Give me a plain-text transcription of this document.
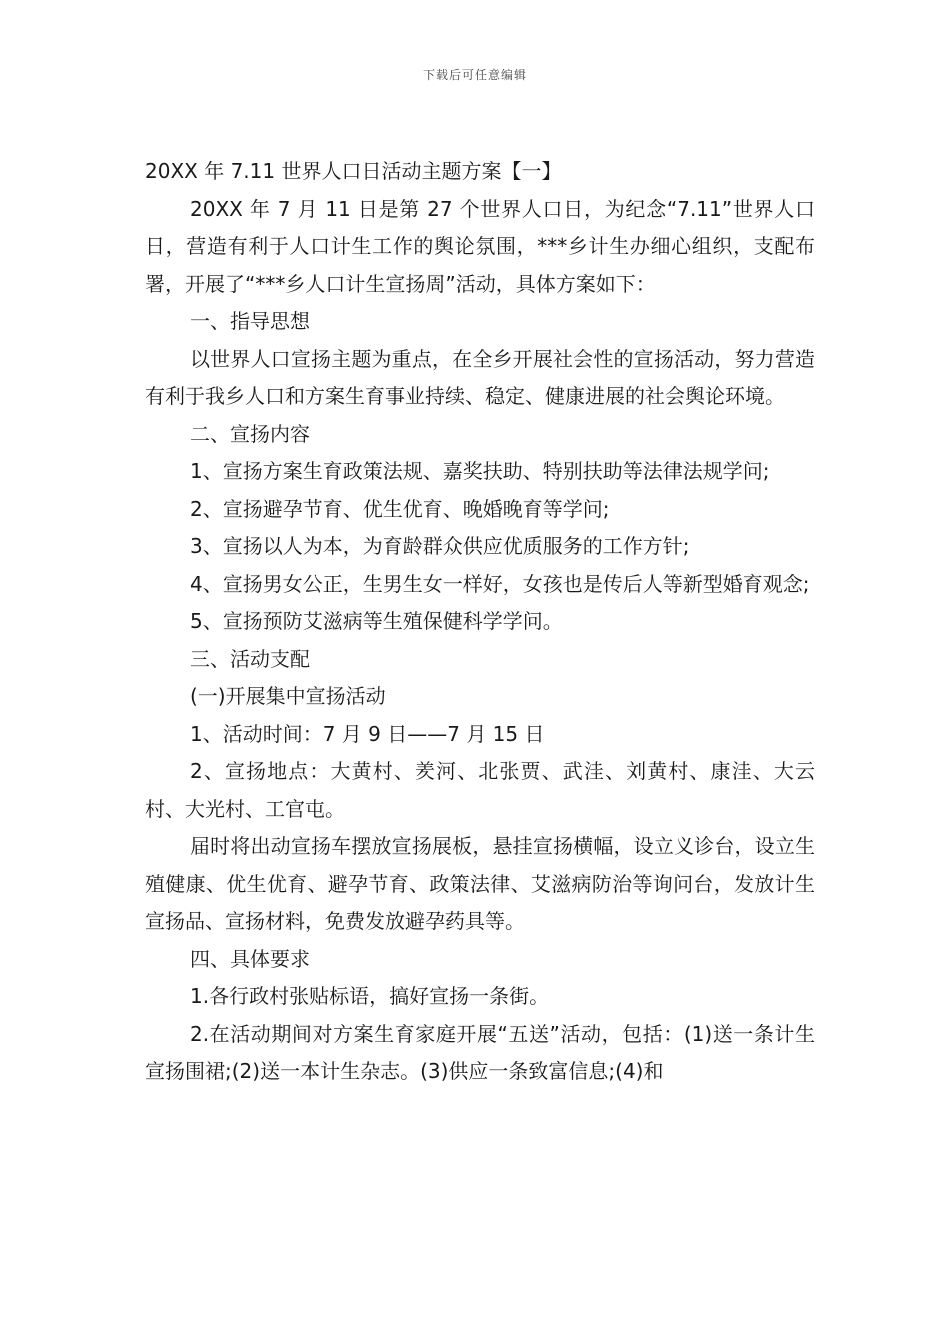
下载后可任意编辑

20XX 年 7.11 世界人口日活动主题方案【一】

20XX 年 7 月 11 日是第 27 个世界人口日，为纪念“7.11”世界人口日，营造有利于人口计生工作的舆论氛围，***乡计生办细心组织，支配布署，开展了“***乡人口计生宣扬周”活动，具体方案如下：

一、指导思想

以世界人口宣扬主题为重点，在全乡开展社会性的宣扬活动，努力营造有利于我乡人口和方案生育事业持续、稳定、健康进展的社会舆论环境。

二、宣扬内容

1、宣扬方案生育政策法规、嘉奖扶助、特别扶助等法律法规学问;

2、宣扬避孕节育、优生优育、晚婚晚育等学问;

3、宣扬以人为本，为育龄群众供应优质服务的工作方针;

4、宣扬男女公正，生男生女一样好，女孩也是传后人等新型婚育观念;

5、宣扬预防艾滋病等生殖保健科学学问。

三、活动支配

(一)开展集中宣扬活动

1、活动时间：7 月 9 日——7 月 15 日

2、宣扬地点：大黄村、羑河、北张贾、武洼、刘黄村、康洼、大云村、大光村、工官屯。

届时将出动宣扬车摆放宣扬展板，悬挂宣扬横幅，设立义诊台，设立生殖健康、优生优育、避孕节育、政策法律、艾滋病防治等询问台，发放计生宣扬品、宣扬材料，免费发放避孕药具等。

四、具体要求

1.各行政村张贴标语，搞好宣扬一条街。

2.在活动期间对方案生育家庭开展“五送”活动，包括：(1)送一条计生宣扬围裙;(2)送一本计生杂志。(3)供应一条致富信息;(4)和
